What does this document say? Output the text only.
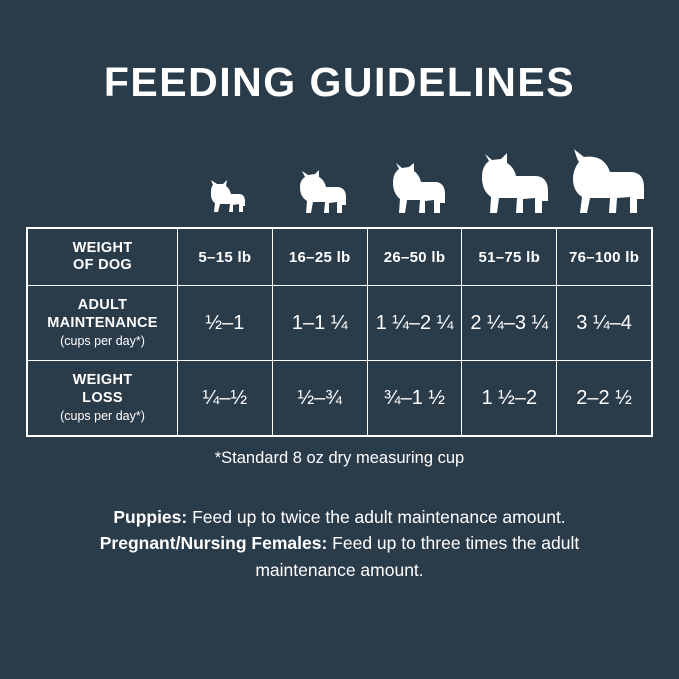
FEEDING GUIDELINES
WEIGHT
OF DOG	5–15 lb	16–25 lb	26–50 lb	51–75 lb	76–100 lb
ADULT
MAINTENANCE
(cups per day*)	½–1	1–1 ¼	1 ¼–2 ¼	2 ¼–3 ¼	3 ¼–4
WEIGHT
LOSS
(cups per day*)	¼–½	½–¾	¾–1 ½	1 ½–2	2–2 ½
*Standard 8 oz dry measuring cup
Puppies: Feed up to twice the adult maintenance amount.
Pregnant/Nursing Females: Feed up to three times the adult maintenance amount.
